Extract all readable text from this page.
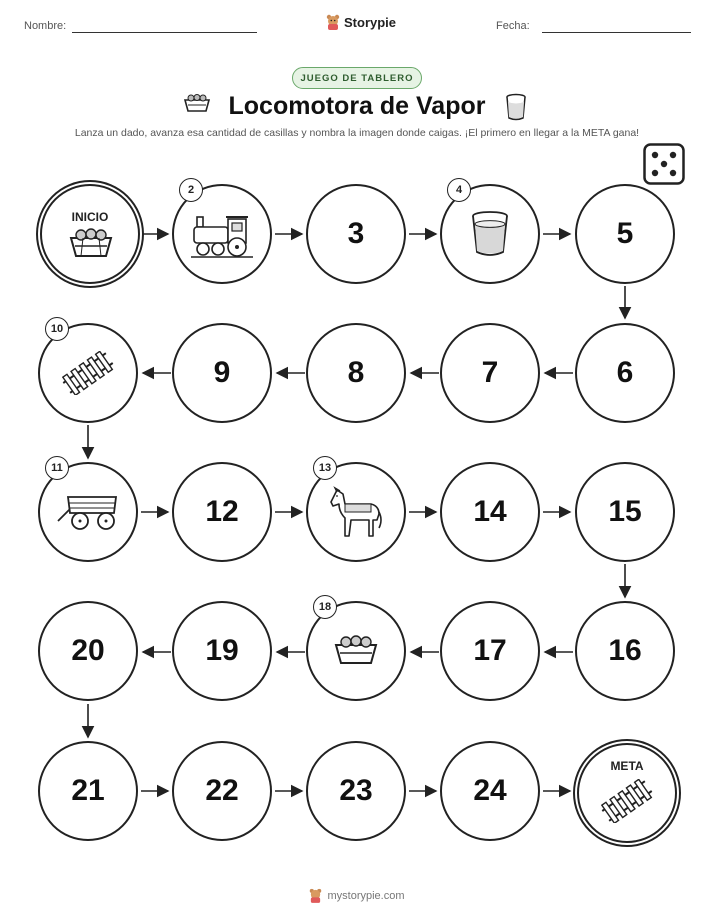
Nombre:	Storypie	Fecha:
JUEGO DE TABLERO
Locomotora de Vapor
Lanza un dado, avanza esa cantidad de casillas y nombra la imagen donde caigas. ¡El primero en llegar a la META gana!
INICIO
2
3
4
5
6
7
8
9
10
11
12
13
14	15
16
17
18
19
20
21	22	23	24
META
mystorypie.com
